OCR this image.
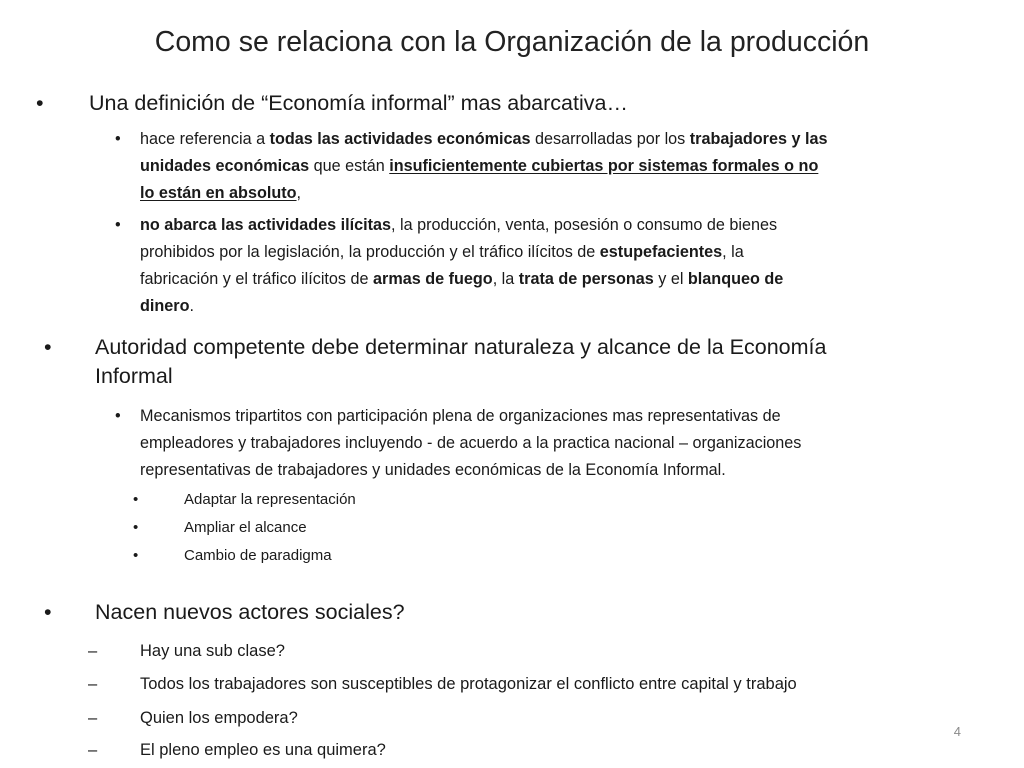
Como se relaciona con la Organización de la producción
• Una definición de “Economía informal” mas abarcativa…
• hace referencia a todas las actividades económicas desarrolladas por los trabajadores y las
unidades económicas que están insuficientemente cubiertas por sistemas formales o no
lo están en absoluto,
• no abarca las actividades ilícitas, la producción, venta, posesión o consumo de bienes
prohibidos por la legislación, la producción y el tráfico ilícitos de estupefacientes, la
fabricación y el tráfico ilícitos de armas de fuego, la trata de personas y el blanqueo de
dinero.
• Autoridad competente debe determinar naturaleza y alcance de la Economía
Informal
• Mecanismos tripartitos con participación plena de organizaciones mas representativas de
empleadores y trabajadores incluyendo - de acuerdo a la practica nacional – organizaciones
representativas de trabajadores y unidades económicas de la Economía Informal.
•	Adaptar la representación
•	Ampliar el alcance
•	Cambio de paradigma
• Nacen nuevos actores sociales?
–	Hay una sub clase?
–	Todos los trabajadores son susceptibles de protagonizar el conflicto entre capital y trabajo
–	Quien los empodera?
–	El pleno empleo es una quimera?
4
